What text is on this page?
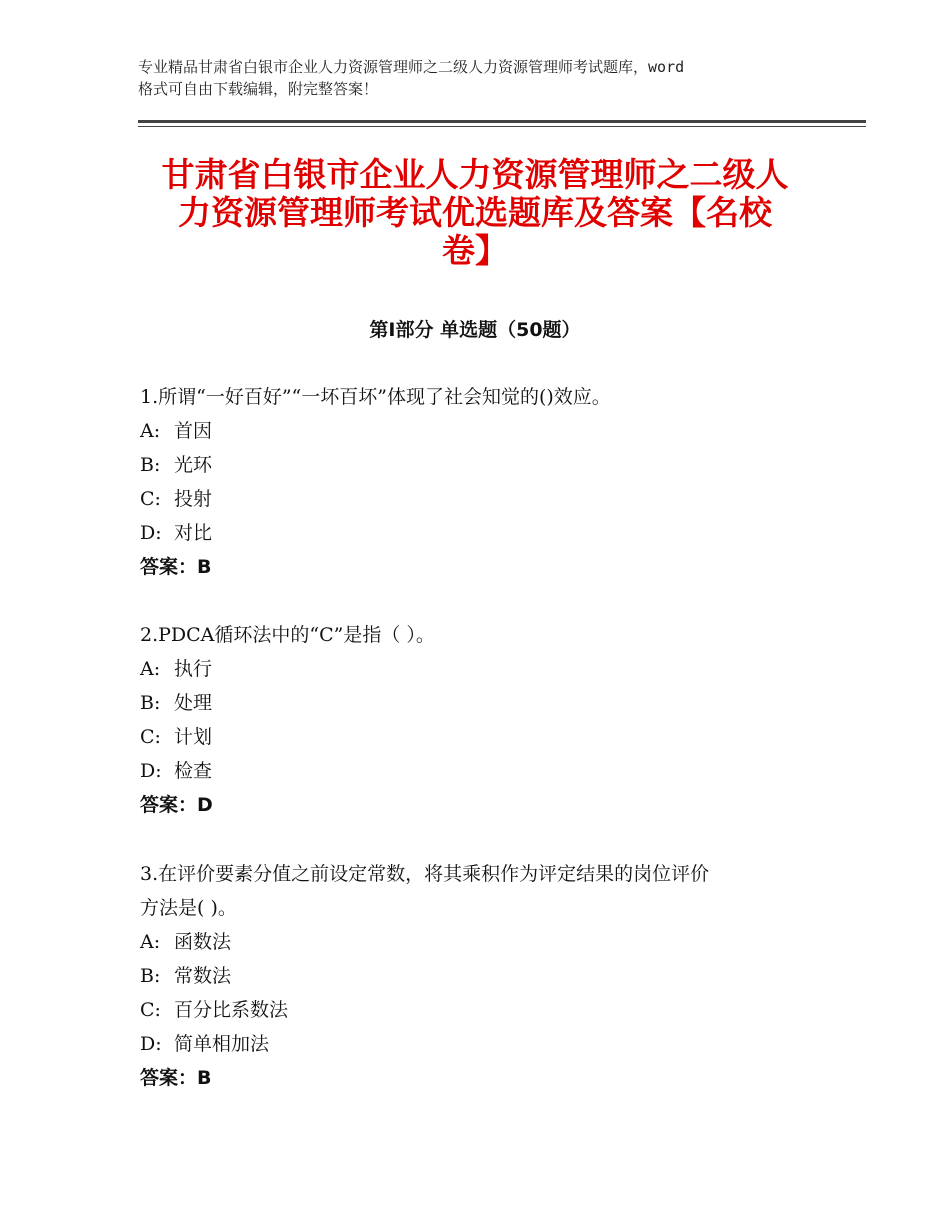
专业精品甘肃省白银市企业人力资源管理师之二级人力资源管理师考试题库，word
格式可自由下载编辑，附完整答案！
甘肃省白银市企业人力资源管理师之二级人
力资源管理师考试优选题库及答案【名校
卷】
第Ⅰ部分 单选题（50题）

1.所谓“一好百好”“一坏百坏”体现了社会知觉的()效应。

A: 首因

B: 光环

C: 投射

D: 对比

答案：B

2.PDCA循环法中的“C”是指（ ）。

A: 执行

B: 处理

C: 计划

D: 检查

答案：D

3.在评价要素分值之前设定常数，将其乘积作为评定结果的岗位评价

方法是( )。

A: 函数法

B: 常数法

C: 百分比系数法

D: 简单相加法

答案：B
